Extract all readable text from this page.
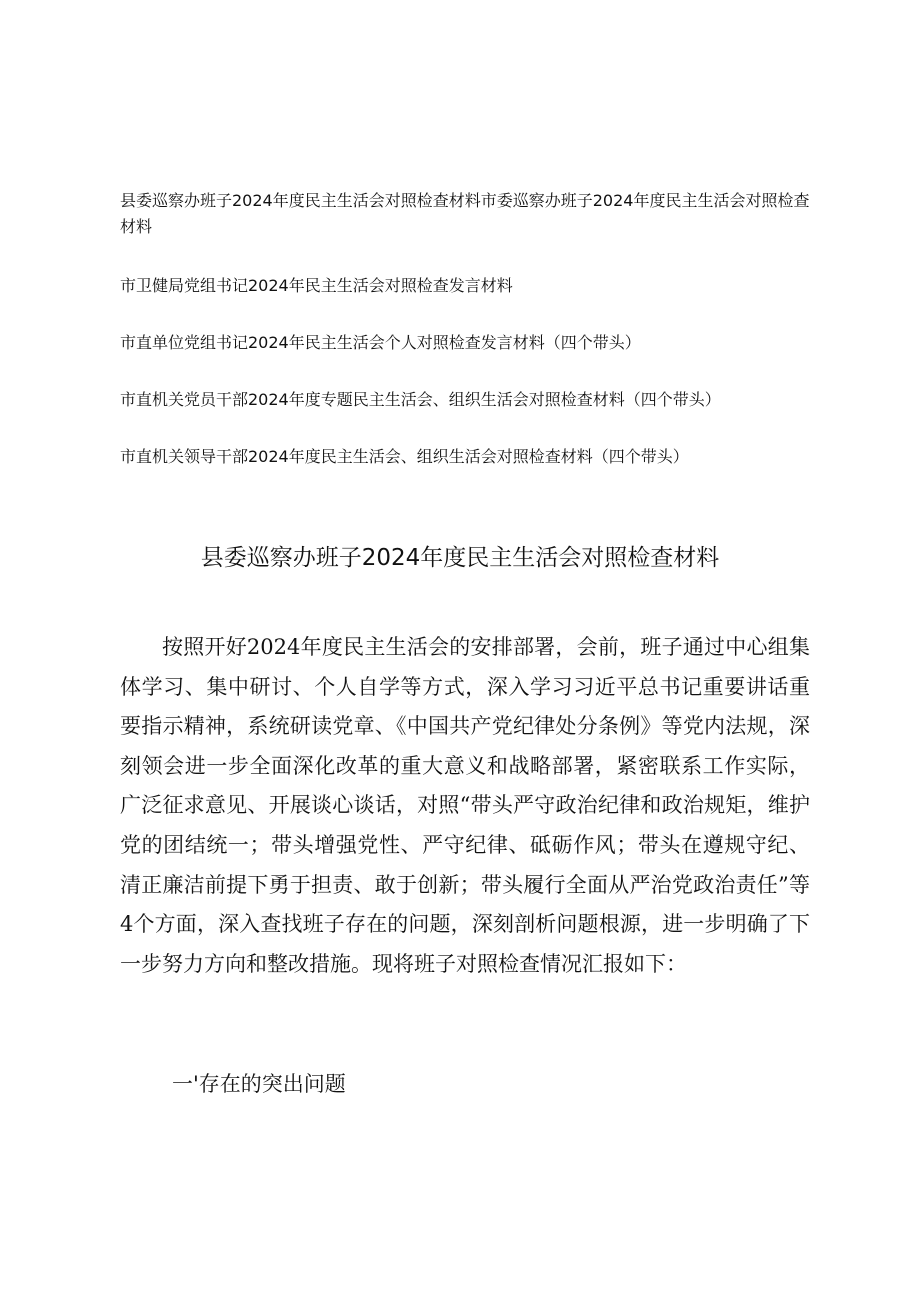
县委巡察办班子2024年度民主生活会对照检查材料市委巡察办班子2024年度民主生活会对照检查材料
市卫健局党组书记2024年民主生活会对照检查发言材料
市直单位党组书记2024年民主生活会个人对照检查发言材料（四个带头）
市直机关党员干部2024年度专题民主生活会、组织生活会对照检查材料（四个带头）
市直机关领导干部2024年度民主生活会、组织生活会对照检查材料（四个带头）
县委巡察办班子2024年度民主生活会对照检查材料

按照开好2024年度民主生活会的安排部署，会前，班子通过中心组集体学习、集中研讨、个人自学等方式，深入学习习近平总书记重要讲话重要指示精神，系统研读党章、《中国共产党纪律处分条例》等党内法规，深刻领会进一步全面深化改革的重大意义和战略部署，紧密联系工作实际，广泛征求意见、开展谈心谈话，对照“带头严守政治纪律和政治规矩，维护党的团结统一；带头增强党性、严守纪律、砥砺作风；带头在遵规守纪、清正廉洁前提下勇于担责、敢于创新；带头履行全面从严治党政治责任”等4个方面，深入查找班子存在的问题，深刻剖析问题根源，进一步明确了下一步努力方向和整改措施。现将班子对照检查情况汇报如下：

一'存在的突出问题
